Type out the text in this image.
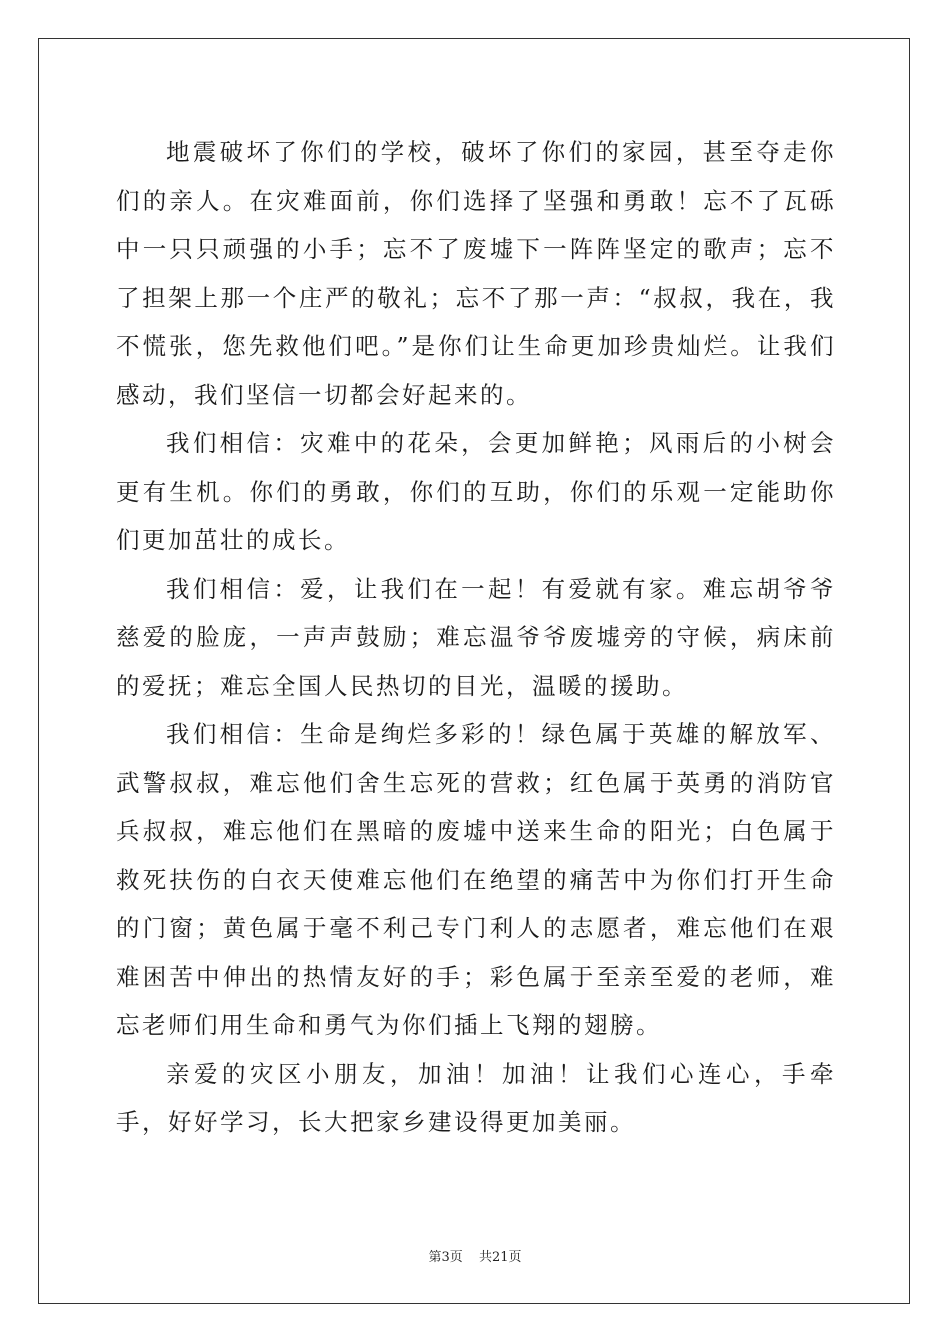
地震破坏了你们的学校，破坏了你们的家园，甚至夺走你们的亲人。在灾难面前，你们选择了坚强和勇敢！忘不了瓦砾中一只只顽强的小手；忘不了废墟下一阵阵坚定的歌声；忘不了担架上那一个庄严的敬礼；忘不了那一声：“叔叔，我在，我不慌张，您先救他们吧。”是你们让生命更加珍贵灿烂。让我们感动，我们坚信一切都会好起来的。

我们相信：灾难中的花朵，会更加鲜艳；风雨后的小树会更有生机。你们的勇敢，你们的互助，你们的乐观一定能助你们更加茁壮的成长。

我们相信：爱，让我们在一起！有爱就有家。难忘胡爷爷慈爱的脸庞，一声声鼓励；难忘温爷爷废墟旁的守候，病床前的爱抚；难忘全国人民热切的目光，温暖的援助。

我们相信：生命是绚烂多彩的！绿色属于英雄的解放军、武警叔叔，难忘他们舍生忘死的营救；红色属于英勇的消防官兵叔叔，难忘他们在黑暗的废墟中送来生命的阳光；白色属于救死扶伤的白衣天使难忘他们在绝望的痛苦中为你们打开生命的门窗；黄色属于毫不利己专门利人的志愿者，难忘他们在艰难困苦中伸出的热情友好的手；彩色属于至亲至爱的老师，难忘老师们用生命和勇气为你们插上飞翔的翅膀。

亲爱的灾区小朋友，加油！加油！让我们心连心，手牵手，好好学习，长大把家乡建设得更加美丽。

第3页 共21页
